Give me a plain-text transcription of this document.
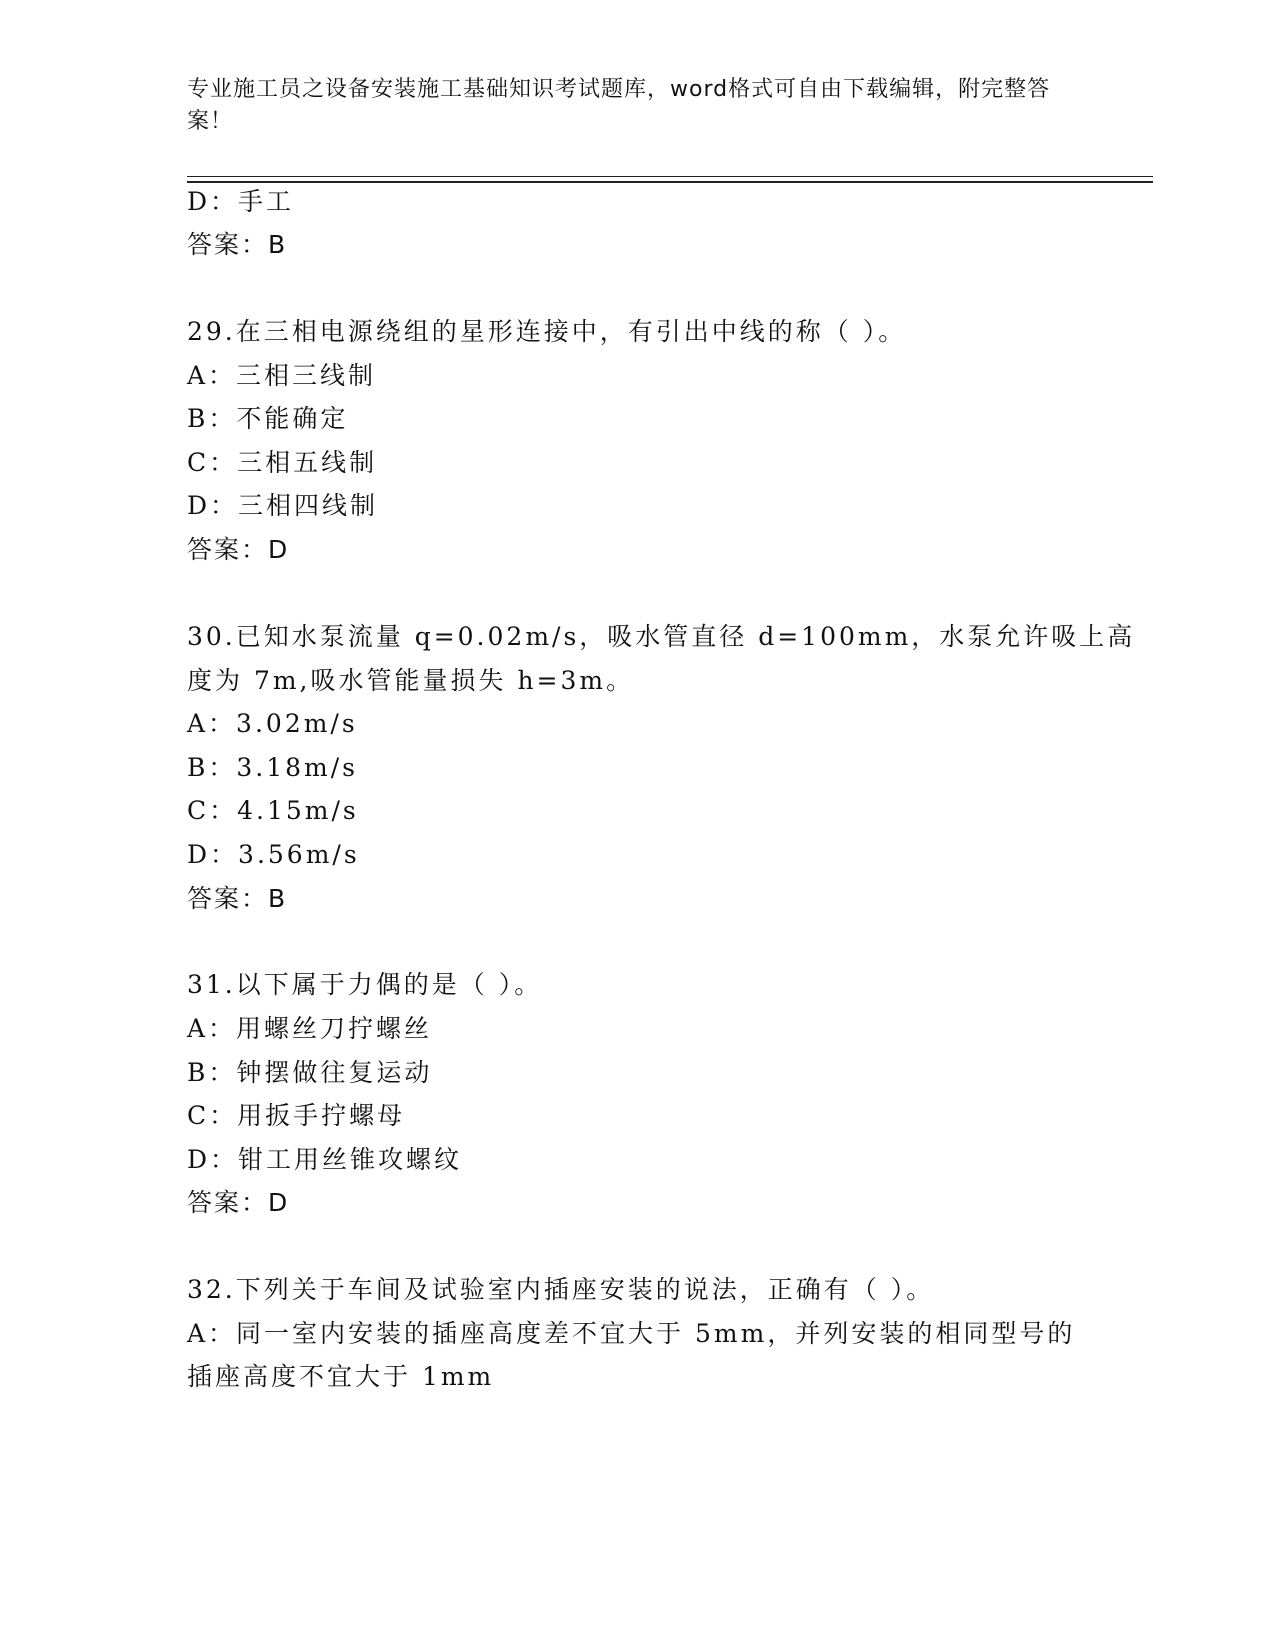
专业施工员之设备安装施工基础知识考试题库，word格式可自由下载编辑，附完整答案！
D：手工
答案：B
29.在三相电源绕组的星形连接中，有引出中线的称（ ）。
A：三相三线制
B：不能确定
C：三相五线制
D：三相四线制
答案：D
30.已知水泵流量 q=0.02m/s，吸水管直径 d=100mm，水泵允许吸上高
度为 7m,吸水管能量损失 h=3m。
A：3.02m/s
B：3.18m/s
C：4.15m/s
D：3.56m/s
答案：B
31.以下属于力偶的是（ ）。
A：用螺丝刀拧螺丝
B：钟摆做往复运动
C：用扳手拧螺母
D：钳工用丝锥攻螺纹
答案：D
32.下列关于车间及试验室内插座安装的说法，正确有（ ）。
A：同一室内安装的插座高度差不宜大于 5mm，并列安装的相同型号的
插座高度不宜大于 1mm
